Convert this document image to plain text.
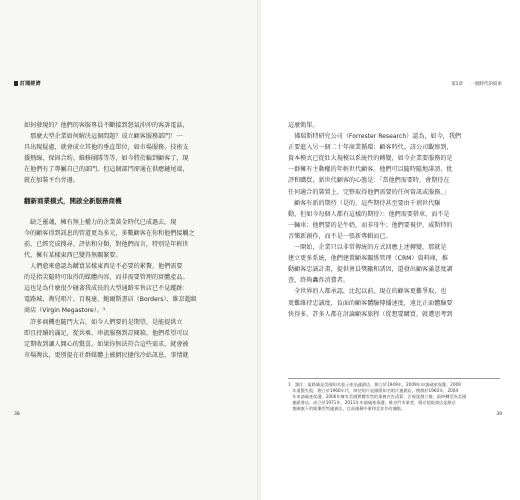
訂閱經濟	第1章 一個時代的結束
如何發現的？他們的客服專員不斷接到怒氣沖沖的客訴電話，
　那麼大型企業如何解決這個問題？成立顧客服務部門！一
旦出現疑慮，就會成立其他的垂直單位，如市場服務、技術支
援熱線、保固合約、維修團隊等等，如今將於輪到顧客了，現
在他們有了專屬自己的部門，但這個部門卻通在供應鏈尾端，
就在加裝平台旁邊。
翻新商業模式，開啟全新服務商機
　缺乏靈魂，擁有無上權力的企業黃金時代已成過去。現
今的顧客得到訊息的管道更為多元，多數顧客在你和他們接觸之
前，已經完成搜尋、評估和分類，對他們而言，特別是年輕世
代，擁有某樣東西已變得無關緊要。
　人們愈來愈認為購買某樣東西是不必要的累贅，他們需要
的是指尖隨時可取得的媒體內容，而非需要管理的實體產品。
這也是為什麼很少碰著我成長的大型通路零售店已不見蹤跡：
電路城、淘兒唱片、百視達、鮑爾斯書店（Borders）、維京超級
商店（Virgin Megastore）。¹
　許多商機也隨門大吉，如今人們要的是期望，是能提供立
即且持續的滿足，從共乘、串流服務到訂閱箱，他們希望可以
定期收到讓人開心的驚喜。如果你無法符合這些需求，就會被
市場淘汰，更別提在社群媒體上被網民撻伐冷站訊息，事情就
這麼簡單。
　佛瑞斯特研究公司（Forrester Research）認為，如今，我們
正要進入另一個二十年商業循環：顧客時代。該公司觀察到，
資本模式已從壯大規模以系統性的轉變，如今企業要服務的是
一群擁有主動權的年輕世代顧客。他們可以隨時隨地誹謗、批
評和購買，新世代顧客的心態是：「當他們需要時，會期待在
任何適合的裝置上，完整取得他們需要的任何資訊或服務。」
　顧客有新的期待（是的，這些期待甚至要由千禧世代驅
動，但如今每個人都有這樣的期待）：他們需要搭車，而不是
一輛車；他們要的是牛奶，而非母牛；他們要視伊，威斯特的
音樂新創作，而不是一張新專輯而已。
　一開始，企業只以非常傳統的方式回應上述轉變，那就是
建立更多系統，他們建置顧客關係管理（CRM）資料庫，推
動顧客忠誠計畫，提供會員獎勵和誘因，還發出顧客滿意度調
查，終夠轟炸消費者。
　全世界的人都承認，比起以前，現在的顧客更難爭取，也
更難維持忠誠度，負面的顧客體驗傳播速度，遠比正面體驗要
快得多，許多人都在討論顧客旅程（從想要購買，就遭思考到
1　譯注：電路城是美國知名電子產品連鎖店，創立於1949年，2009年申請破產保護；2009
　年重整失敗，創立於1960年代，淘兒唱片是國際知名唱片連鎖店，創辦於1960年，2004
　年申請破產保護，2006年擁有美國實體零售的業務宣告清算，百視達創立後，最終轉型為美國
　連鎖書店，成立於1971年，2011年申請破產保護；維京門市業者，維京超級商店是維京
　集團旗下的娛樂零售連鎖店，目前僅剩中東和北非仍有據點。
38	39
